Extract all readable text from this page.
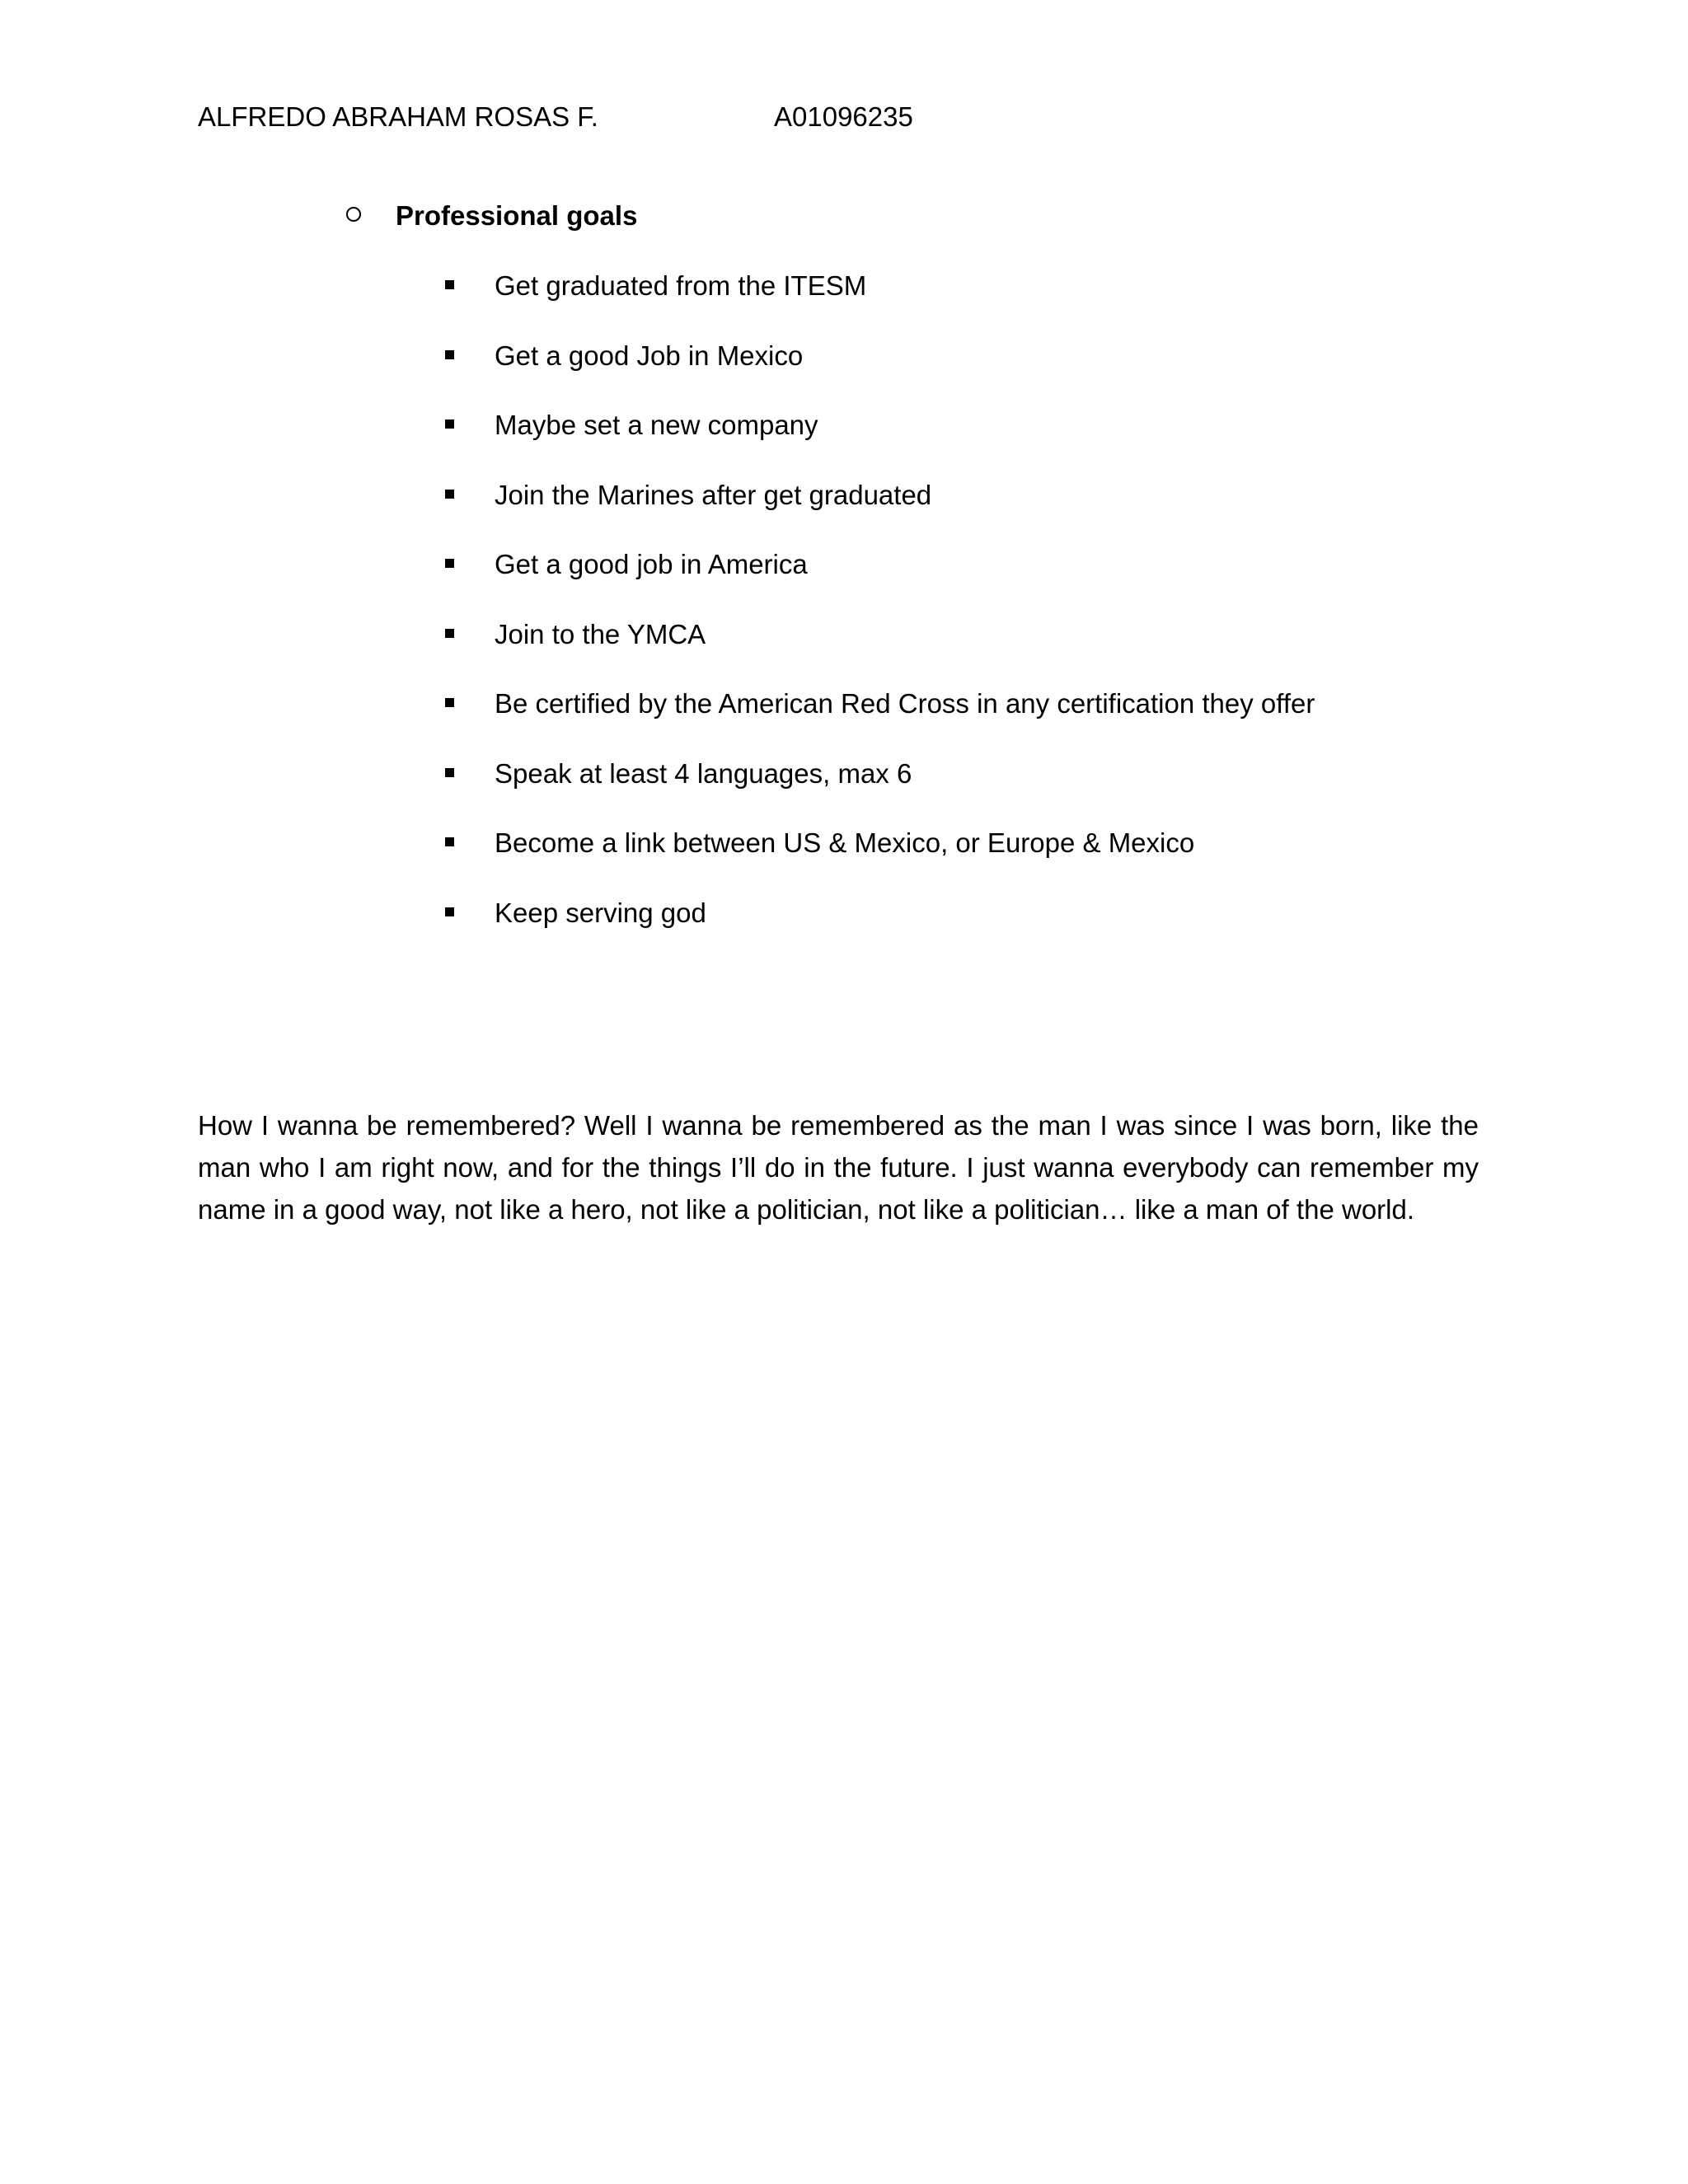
ALFREDO ABRAHAM ROSAS F.	A01096235
Professional goals
Get graduated from the ITESM
Get a good Job in Mexico
Maybe set a new company
Join the Marines after get graduated
Get a good job in America
Join to the YMCA
Be certified by the American Red Cross in any certification they offer
Speak at least 4 languages, max 6
Become a link between US & Mexico, or Europe & Mexico
Keep serving god

How I wanna be remembered? Well I wanna be remembered as the man I was since I was born, like the man who I am right now, and for the things I’ll do in the future. I just wanna everybody can remember my name in a good way, not like a hero, not like a politician, not like a politician… like a man of the world.
